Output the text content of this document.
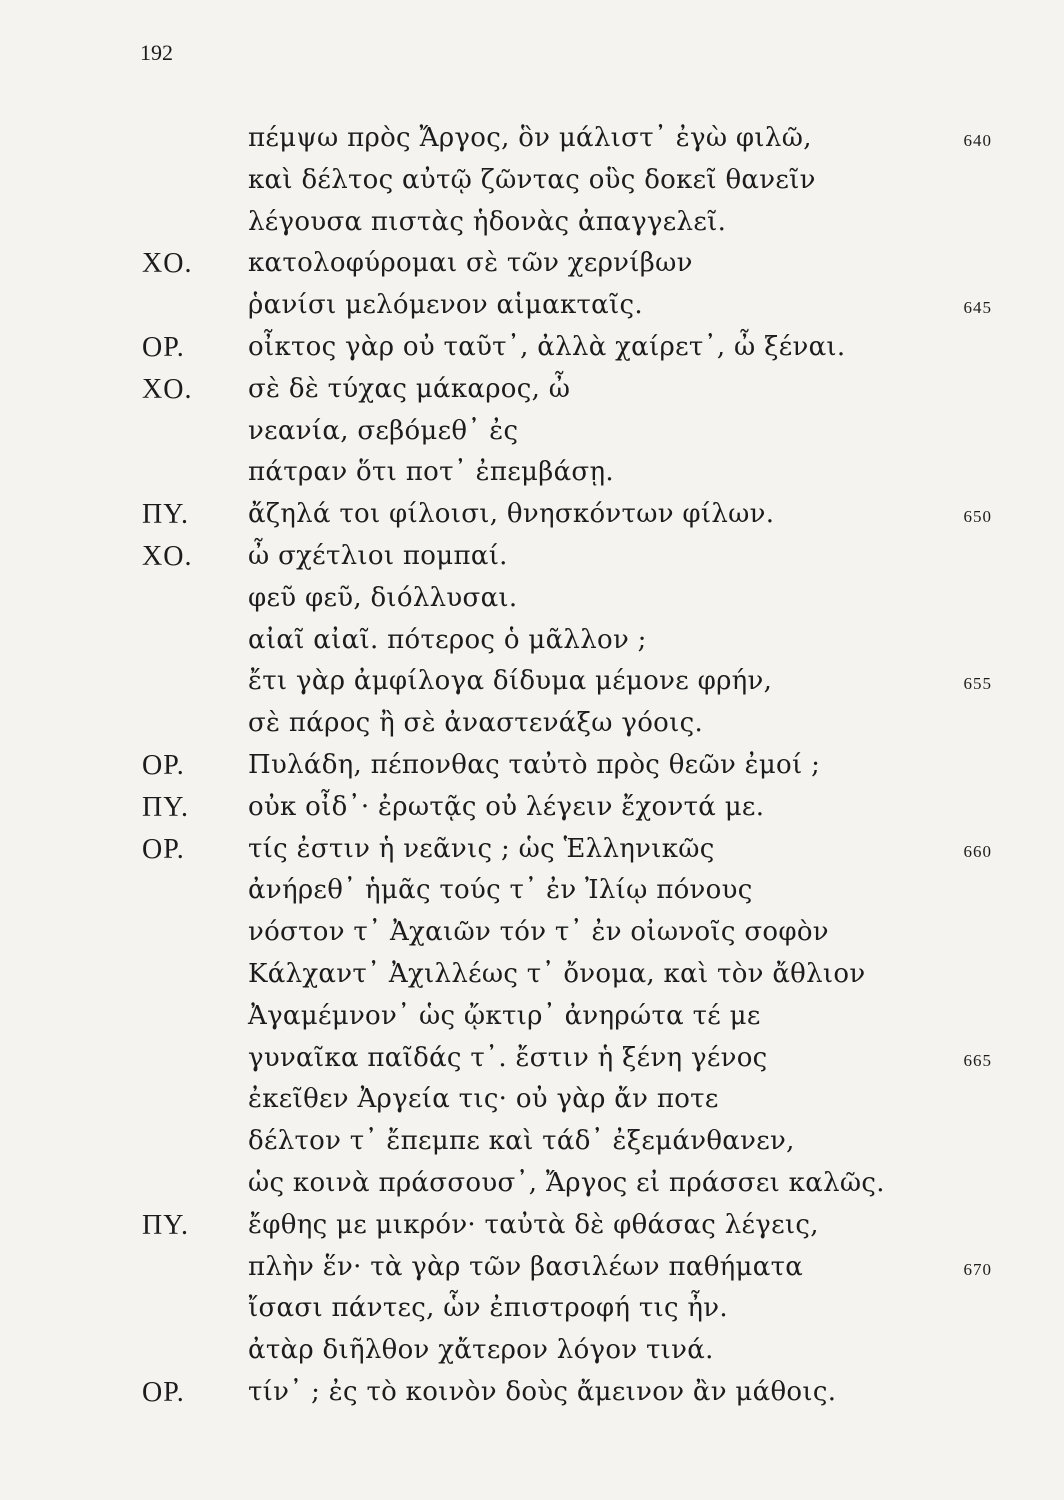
192
πέμψω πρὸς Ἄργος, ὃν μάλιστ᾽ ἐγὼ φιλῶ,	640
καὶ δέλτος αὐτῷ ζῶντας οὓς δοκεῖ θανεῖν
λέγουσα πιστὰς ἡδονὰς ἀπαγγελεῖ.
ΧΟ. κατολοφύρομαι σὲ τῶν χερνίβων
ῥανίσι μελόμενον αἱμακταῖς.	645
ΟΡ. οἶκτος γὰρ οὐ ταῦτ᾽, ἀλλὰ χαίρετ᾽, ὦ ξέναι.
ΧΟ. σὲ δὲ τύχας μάκαρος, ὦ
νεανία, σεβόμεθ᾽ ἐς
πάτραν ὅτι ποτ᾽ ἐπεμβάσῃ.
ΠΥ. ἄζηλά τοι φίλοισι, θνησκόντων φίλων.	650
ΧΟ. ὦ σχέτλιοι πομπαί.
φεῦ φεῦ, διόλλυσαι.
αἰαῖ αἰαῖ. πότερος ὁ μᾶλλον ;
ἔτι γὰρ ἀμφίλογα δίδυμα μέμονε φρήν,	655
σὲ πάρος ἢ σὲ ἀναστενάξω γόοις.
ΟΡ. Πυλάδη, πέπονθας ταὐτὸ πρὸς θεῶν ἐμοί ;
ΠΥ. οὐκ οἶδ᾽· ἐρωτᾷς οὐ λέγειν ἔχοντά με.
ΟΡ. τίς ἐστιν ἡ νεᾶνις ; ὡς Ἑλληνικῶς	660
ἀνήρεθ᾽ ἡμᾶς τούς τ᾽ ἐν Ἰλίῳ πόνους
νόστον τ᾽ Ἀχαιῶν τόν τ᾽ ἐν οἰωνοῖς σοφὸν
Κάλχαντ᾽ Ἀχιλλέως τ᾽ ὄνομα, καὶ τὸν ἄθλιον
Ἀγαμέμνον᾽ ὡς ᾤκτιρ᾽ ἀνηρώτα τέ με
γυναῖκα παῖδάς τ᾽. ἔστιν ἡ ξένη γένος	665
ἐκεῖθεν Ἀργεία τις· οὐ γὰρ ἄν ποτε
δέλτον τ᾽ ἔπεμπε καὶ τάδ᾽ ἐξεμάνθανεν,
ὡς κοινὰ πράσσουσ᾽, Ἄργος εἰ πράσσει καλῶς.
ΠΥ. ἔφθης με μικρόν· ταὐτὰ δὲ φθάσας λέγεις,
πλὴν ἕν· τὰ γὰρ τῶν βασιλέων παθήματα	670
ἴσασι πάντες, ὧν ἐπιστροφή τις ἦν.
ἀτὰρ διῆλθον χἄτερον λόγον τινά.
ΟΡ. τίν᾽ ; ἐς τὸ κοινὸν δοὺς ἄμεινον ἂν μάθοις.
